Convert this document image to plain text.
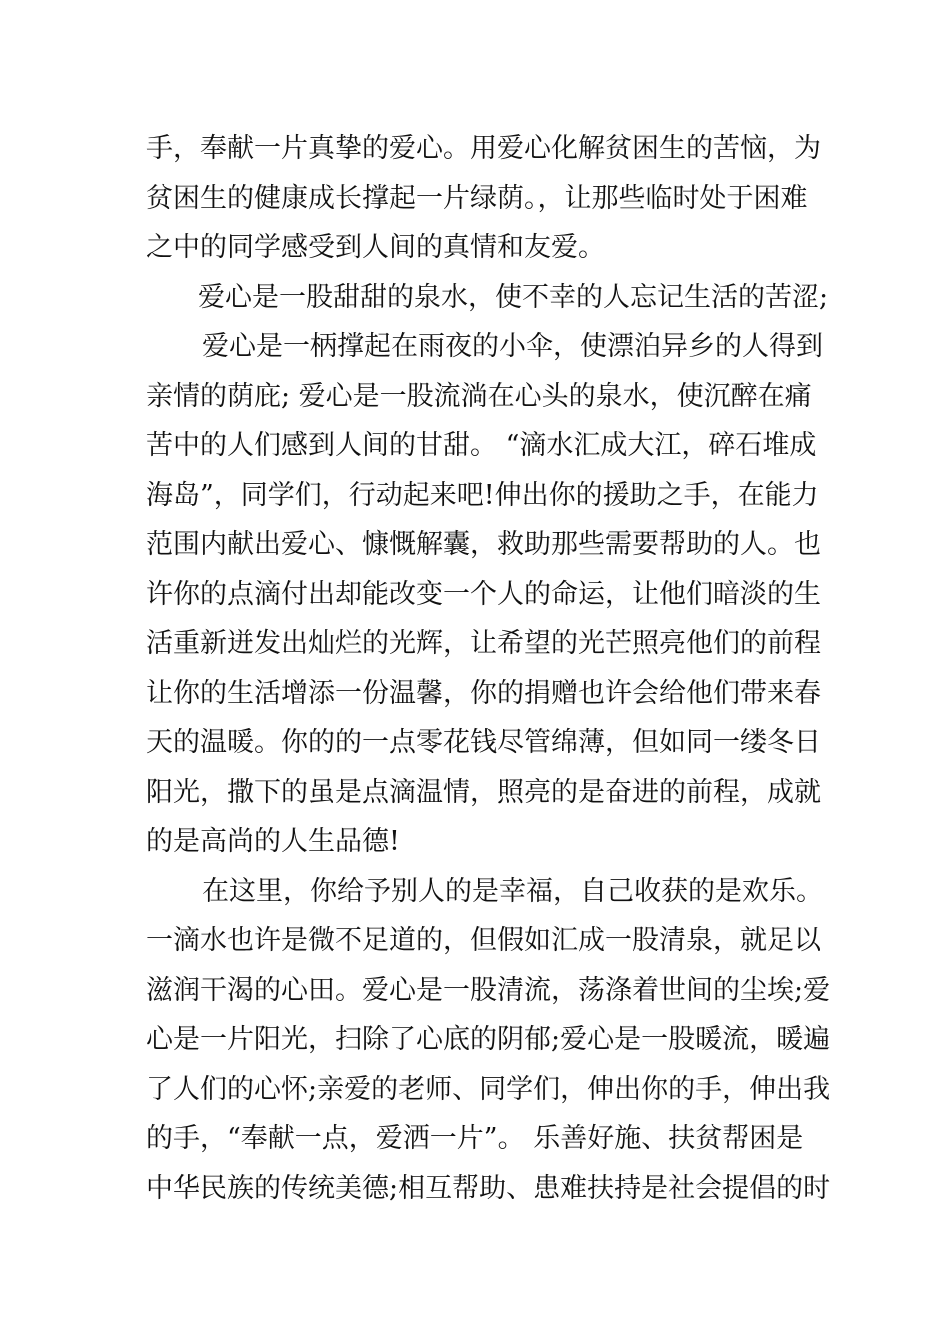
手，奉献一片真挚的爱心。用爱心化解贫困生的苦恼，为
贫困生的健康成长撑起一片绿荫。，让那些临时处于困难
之中的同学感受到人间的真情和友爱。
爱心是一股甜甜的泉水，使不幸的人忘记生活的苦涩;
爱心是一柄撑起在雨夜的小伞，使漂泊异乡的人得到
亲情的荫庇; 爱心是一股流淌在心头的泉水，使沉醉在痛
苦中的人们感到人间的甘甜。 “滴水汇成大江，碎石堆成
海岛”，同学们，行动起来吧!伸出你的援助之手，在能力
范围内献出爱心、慷慨解囊，救助那些需要帮助的人。也
许你的点滴付出却能改变一个人的命运，让他们暗淡的生
活重新迸发出灿烂的光辉，让希望的光芒照亮他们的前程
让你的生活增添一份温馨，你的捐赠也许会给他们带来春
天的温暖。你的的一点零花钱尽管绵薄，但如同一缕冬日
阳光，撒下的虽是点滴温情，照亮的是奋进的前程，成就
的是高尚的人生品德!
在这里，你给予别人的是幸福，自己收获的是欢乐。
一滴水也许是微不足道的，但假如汇成一股清泉，就足以
滋润干渴的心田。爱心是一股清流，荡涤着世间的尘埃;爱
心是一片阳光，扫除了心底的阴郁;爱心是一股暖流，暖遍
了人们的心怀;亲爱的老师、同学们，伸出你的手，伸出我
的手，“奉献一点，爱洒一片”。 乐善好施、扶贫帮困是
中华民族的传统美德;相互帮助、患难扶持是社会提倡的时
